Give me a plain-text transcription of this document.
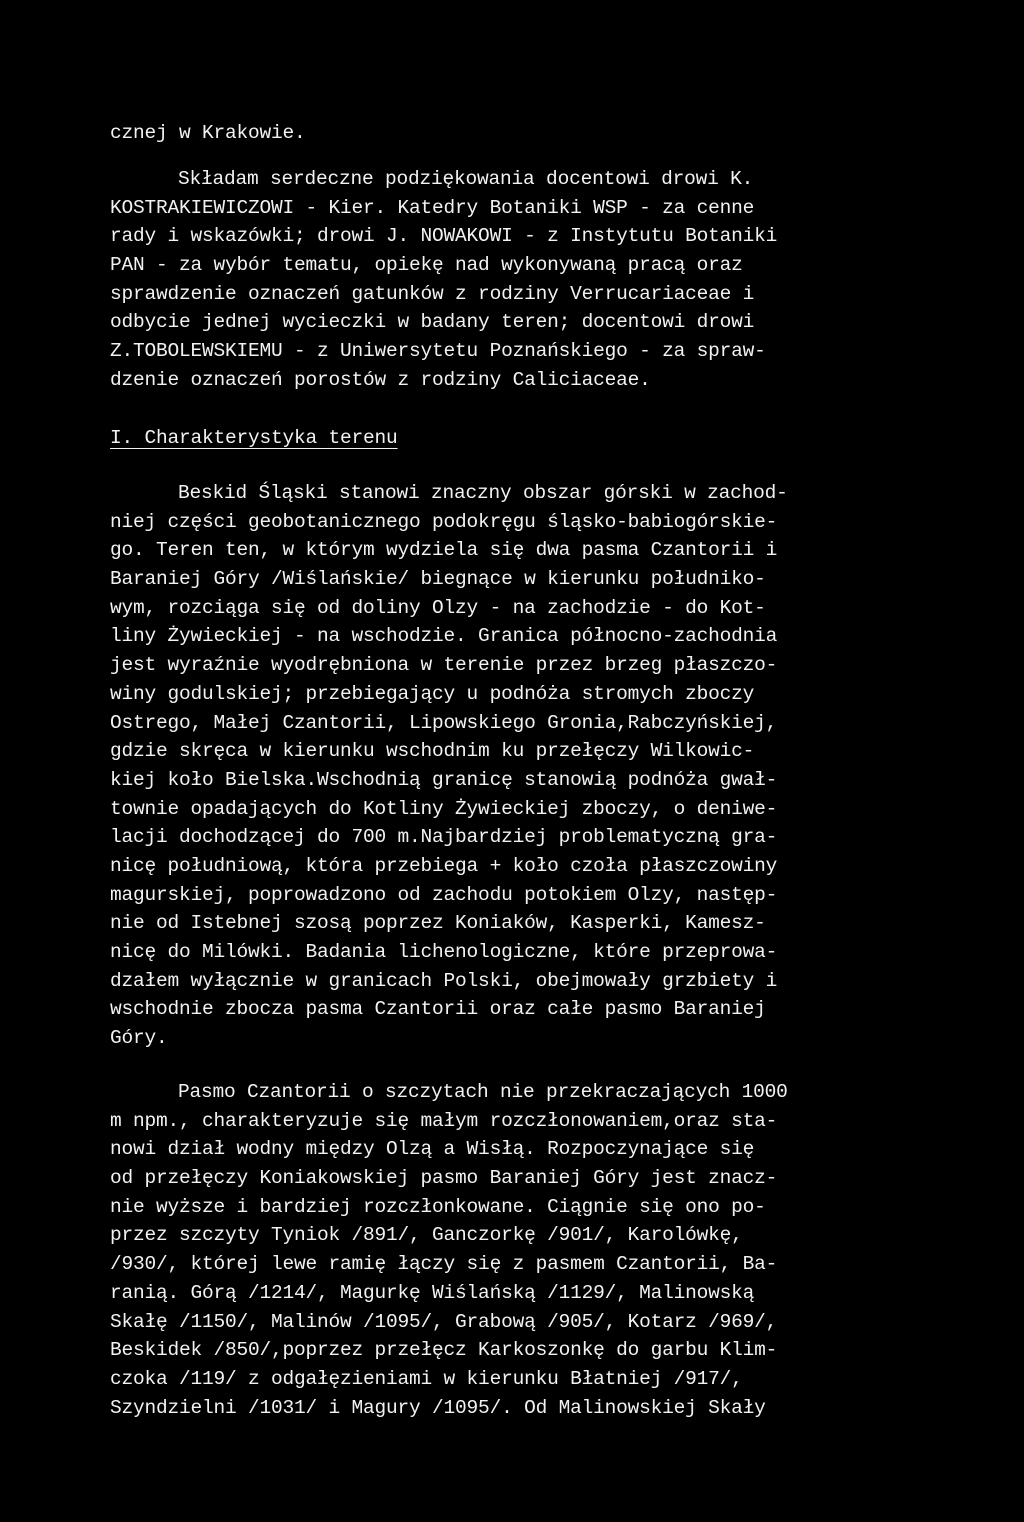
cznej w Krakowie.
Składam serdeczne podziękowania docentowi drowi K.
KOSTRAKIEWICZOWI - Kier. Katedry Botaniki WSP - za cenne
rady i wskazówki; drowi J. NOWAKOWI - z Instytutu Botaniki
PAN - za wybór tematu, opiekę nad wykonywaną pracą oraz
sprawdzenie oznaczeń gatunków z rodziny Verrucariaceae i
odbycie jednej wycieczki w badany teren; docentowi drowi
Z.TOBOLEWSKIEMU - z Uniwersytetu Poznańskiego - za spraw-
dzenie oznaczeń porostów z rodziny Caliciaceae.
I. Charakterystyka terenu
Beskid Śląski stanowi znaczny obszar górski w zachod-
niej części geobotanicznego podokręgu śląsko-babiogórskie-
go. Teren ten, w którym wydziela się dwa pasma Czantorii i
Baraniej Góry /Wiślańskie/ biegnące w kierunku południko-
wym, rozciąga się od doliny Olzy - na zachodzie - do Kot-
liny Żywieckiej - na wschodzie. Granica północno-zachodnia
jest wyraźnie wyodrębniona w terenie przez brzeg płaszczo-
winy godulskiej; przebiegający u podnóża stromych zboczy
Ostrego, Małej Czantorii, Lipowskiego Gronia,Rabczyńskiej,
gdzie skręca w kierunku wschodnim ku przełęczy Wilkowic-
kiej koło Bielska.Wschodnią granicę stanowią podnóża gwał-
townie opadających do Kotliny Żywieckiej zboczy, o deniwe-
lacji dochodzącej do 700 m.Najbardziej problematyczną gra-
nicę południową, która przebiega + koło czoła płaszczowiny
magurskiej, poprowadzono od zachodu potokiem Olzy, następ-
nie od Istebnej szosą poprzez Koniaków, Kasperki, Kamesz-
nicę do Milówki. Badania lichenologiczne, które przeprowa-
dzałem wyłącznie w granicach Polski, obejmowały grzbiety i
wschodnie zbocza pasma Czantorii oraz całe pasmo Baraniej
Góry.
Pasmo Czantorii o szczytach nie przekraczających 1000
m npm., charakteryzuje się małym rozczłonowaniem,oraz sta-
nowi dział wodny między Olzą a Wisłą. Rozpoczynające się
od przełęczy Koniakowskiej pasmo Baraniej Góry jest znacz-
nie wyższe i bardziej rozczłonkowane. Ciągnie się ono po-
przez szczyty Tyniok /891/, Ganczorkę /901/, Karolówkę,
/930/, której lewe ramię łączy się z pasmem Czantorii, Ba-
ranią. Górą /1214/, Magurkę Wiślańską /1129/, Malinowską
Skałę /1150/, Malinów /1095/, Grabową /905/, Kotarz /969/,
Beskidek /850/,poprzez przełęcz Karkoszonkę do garbu Klim-
czoka /119/ z odgałęzieniami w kierunku Błatniej /917/,
Szyndzielni /1031/ i Magury /1095/. Od Malinowskiej Skały
